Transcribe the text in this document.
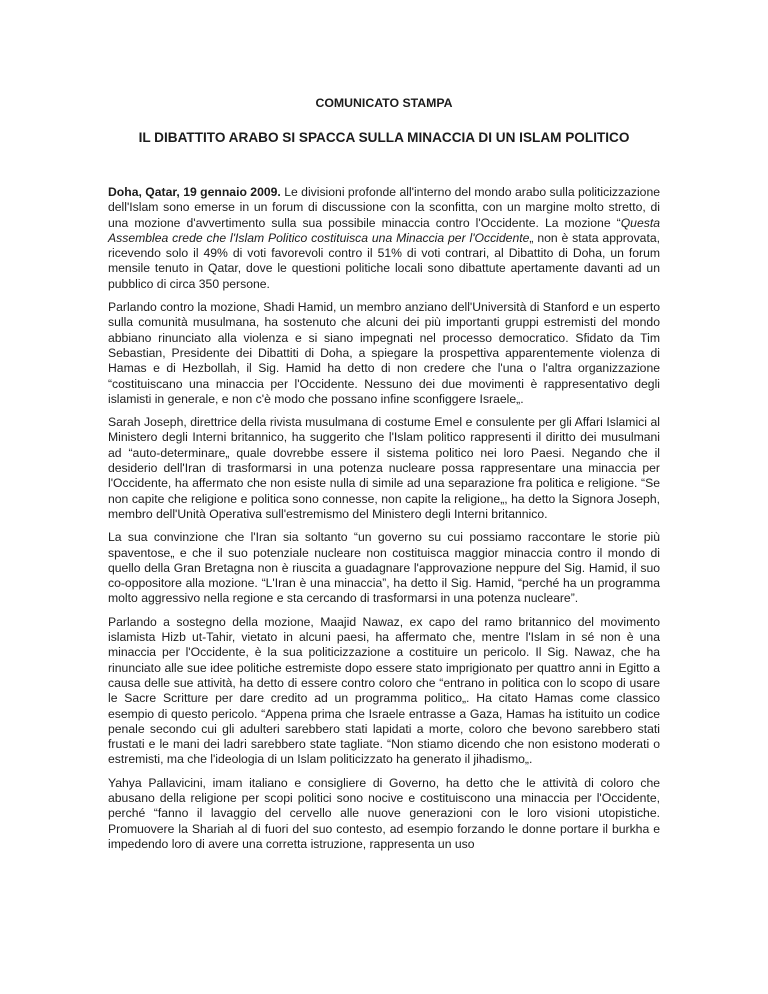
COMUNICATO STAMPA

IL DIBATTITO ARABO SI SPACCA SULLA MINACCIA DI UN ISLAM POLITICO

Doha, Qatar, 19 gennaio 2009. Le divisioni profonde all'interno del mondo arabo sulla politicizzazione dell'Islam sono emerse in un forum di discussione con la sconfitta, con un margine molto stretto, di una mozione d'avvertimento sulla sua possibile minaccia contro l'Occidente. La mozione “Questa Assemblea crede che l'Islam Politico costituisca una Minaccia per l'Occidente„ non è stata approvata, ricevendo solo il 49% di voti favorevoli contro il 51% di voti contrari, al Dibattito di Doha, un forum mensile tenuto in Qatar, dove le questioni politiche locali sono dibattute apertamente davanti ad un pubblico di circa 350 persone.

Parlando contro la mozione, Shadi Hamid, un membro anziano dell'Università di Stanford e un esperto sulla comunità musulmana, ha sostenuto che alcuni dei più importanti gruppi estremisti del mondo abbiano rinunciato alla violenza e si siano impegnati nel processo democratico. Sfidato da Tim Sebastian, Presidente dei Dibattiti di Doha, a spiegare la prospettiva apparentemente violenza di Hamas e di Hezbollah, il Sig. Hamid ha detto di non credere che l'una o l'altra organizzazione “costituiscano una minaccia per l'Occidente. Nessuno dei due movimenti è rappresentativo degli islamisti in generale, e non c'è modo che possano infine sconfiggere Israele„.

Sarah Joseph, direttrice della rivista musulmana di costume Emel e consulente per gli Affari Islamici al Ministero degli Interni britannico, ha suggerito che l'Islam politico rappresenti il diritto dei musulmani ad “auto-determinare„ quale dovrebbe essere il sistema politico nei loro Paesi. Negando che il desiderio dell'Iran di trasformarsi in una potenza nucleare possa rappresentare una minaccia per l'Occidente, ha affermato che non esiste nulla di simile ad una separazione fra politica e religione. “Se non capite che religione e politica sono connesse, non capite la religione„, ha detto la Signora Joseph, membro dell'Unità Operativa sull'estremismo del Ministero degli Interni britannico.

La sua convinzione che l'Iran sia soltanto “un governo su cui possiamo raccontare le storie più spaventose„ e che il suo potenziale nucleare non costituisca maggior minaccia contro il mondo di quello della Gran Bretagna non è riuscita a guadagnare l'approvazione neppure del Sig. Hamid, il suo co-oppositore alla mozione. “L'Iran è una minaccia”, ha detto il Sig. Hamid, “perché ha un programma molto aggressivo nella regione e sta cercando di trasformarsi in una potenza nucleare”.

Parlando a sostegno della mozione, Maajid Nawaz, ex capo del ramo britannico del movimento islamista Hizb ut-Tahir, vietato in alcuni paesi, ha affermato che, mentre l'Islam in sé non è una minaccia per l'Occidente, è la sua politicizzazione a costituire un pericolo. Il Sig. Nawaz, che ha rinunciato alle sue idee politiche estremiste dopo essere stato imprigionato per quattro anni in Egitto a causa delle sue attività, ha detto di essere contro coloro che “entrano in politica con lo scopo di usare le Sacre Scritture per dare credito ad un programma politico„. Ha citato Hamas come classico esempio di questo pericolo. “Appena prima che Israele entrasse a Gaza, Hamas ha istituito un codice penale secondo cui gli adulteri sarebbero stati lapidati a morte, coloro che bevono sarebbero stati frustati e le mani dei ladri sarebbero state tagliate. “Non stiamo dicendo che non esistono moderati o estremisti, ma che l'ideologia di un Islam politicizzato ha generato il jihadismo„.

Yahya Pallavicini, imam italiano e consigliere di Governo, ha detto che le attività di coloro che abusano della religione per scopi politici sono nocive e costituiscono una minaccia per l'Occidente, perché “fanno il lavaggio del cervello alle nuove generazioni con le loro visioni utopistiche. Promuovere la Shariah al di fuori del suo contesto, ad esempio forzando le donne portare il burkha e impedendo loro di avere una corretta istruzione, rappresenta un uso
